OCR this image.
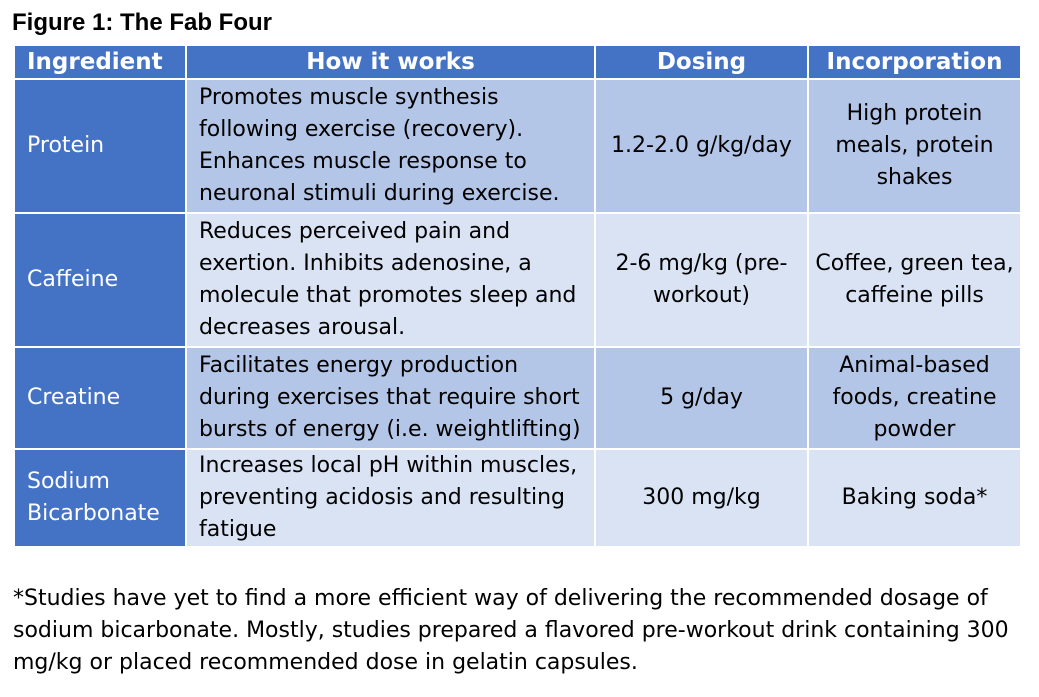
Figure 1: The Fab Four
Ingredient	How it works	Dosing	Incorporation
Protein	Promotes muscle synthesis following exercise (recovery). Enhances muscle response to neuronal stimuli during exercise.	1.2-2.0 g/kg/day	High protein meals, protein shakes
Caffeine	Reduces perceived pain and exertion. Inhibits adenosine, a molecule that promotes sleep and decreases arousal.	2-6 mg/kg (pre-workout)	Coffee, green tea, caffeine pills
Creatine	Facilitates energy production during exercises that require short bursts of energy (i.e. weightlifting)	5 g/day	Animal-based foods, creatine powder
Sodium Bicarbonate	Increases local pH within muscles, preventing acidosis and resulting fatigue	300 mg/kg	Baking soda*
*Studies have yet to find a more efficient way of delivering the recommended dosage of sodium bicarbonate. Mostly, studies prepared a flavored pre-workout drink containing 300 mg/kg or placed recommended dose in gelatin capsules.
